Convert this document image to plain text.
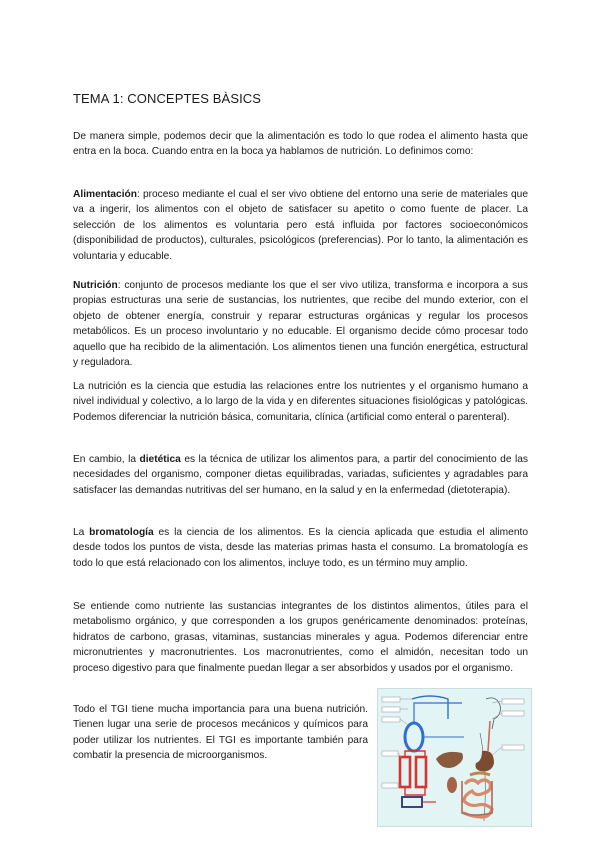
TEMA 1: CONCEPTES BÀSICS

De manera simple, podemos decir que la alimentación es todo lo que rodea el alimento hasta que entra en la boca. Cuando entra en la boca ya hablamos de nutrición. Lo definimos como:

Alimentación: proceso mediante el cual el ser vivo obtiene del entorno una serie de materiales que va a ingerir, los alimentos con el objeto de satisfacer su apetito o como fuente de placer. La selección de los alimentos es voluntaria pero está influida por factores socioeconómicos (disponibilidad de productos), culturales, psicológicos (preferencias). Por lo tanto, la alimentación es voluntaria y educable.

Nutrición: conjunto de procesos mediante los que el ser vivo utiliza, transforma e incorpora a sus propias estructuras una serie de sustancias, los nutrientes, que recibe del mundo exterior, con el objeto de obtener energía, construir y reparar estructuras orgánicas y regular los procesos metabólicos. Es un proceso involuntario y no educable. El organismo decide cómo procesar todo aquello que ha recibido de la alimentación. Los alimentos tienen una función energética, estructural y reguladora.

La nutrición es la ciencia que estudia las relaciones entre los nutrientes y el organismo humano a nivel individual y colectivo, a lo largo de la vida y en diferentes situaciones fisiológicas y patológicas. Podemos diferenciar la nutrición básica, comunitaria, clínica (artificial como enteral o parenteral).

En cambio, la dietética es la técnica de utilizar los alimentos para, a partir del conocimiento de las necesidades del organismo, componer dietas equilibradas, variadas, suficientes y agradables para satisfacer las demandas nutritivas del ser humano, en la salud y en la enfermedad (dietoterapia).

La bromatología es la ciencia de los alimentos. Es la ciencia aplicada que estudia el alimento desde todos los puntos de vista, desde las materias primas hasta el consumo. La bromatología es todo lo que está relacionado con los alimentos, incluye todo, es un término muy amplio.

Se entiende como nutriente las sustancias integrantes de los distintos alimentos, útiles para el metabolismo orgánico, y que corresponden a los grupos genéricamente denominados: proteínas, hidratos de carbono, grasas, vitaminas, sustancias minerales y agua. Podemos diferenciar entre micronutrientes y macronutrientes. Los macronutrientes, como el almidón, necesitan todo un proceso digestivo para que finalmente puedan llegar a ser absorbidos y usados por el organismo.

Todo el TGI tiene mucha importancia para una buena nutrición. Tienen lugar una serie de procesos mecánicos y químicos para poder utilizar los nutrientes. El TGI es importante también para combatir la presencia de microorganismos.
